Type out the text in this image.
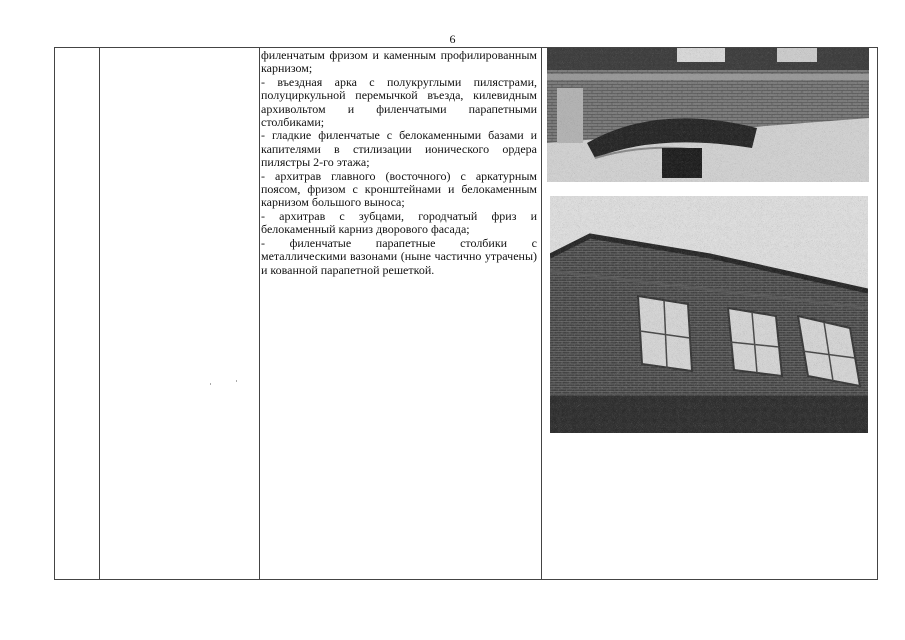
6

филенчатым фризом и каменным профилированным карнизом;

- въездная арка с полукруглыми пилястрами, полуциркульной перемычкой въезда, килевидным архивольтом и филенчатыми парапетными столбиками;

- гладкие филенчатые с белокаменными базами и капителями в стилизации ионического ордера пилястры 2-го этажа;

- архитрав главного (восточного) с аркатурным поясом, фризом с кронштейнами и белокаменным карнизом большого выноса;

- архитрав с зубцами, городчатый фриз и белокаменный карниз дворового фасада;

- филенчатые парапетные столбики с металлическими вазонами (ныне частично утрачены) и кованной парапетной решеткой.
